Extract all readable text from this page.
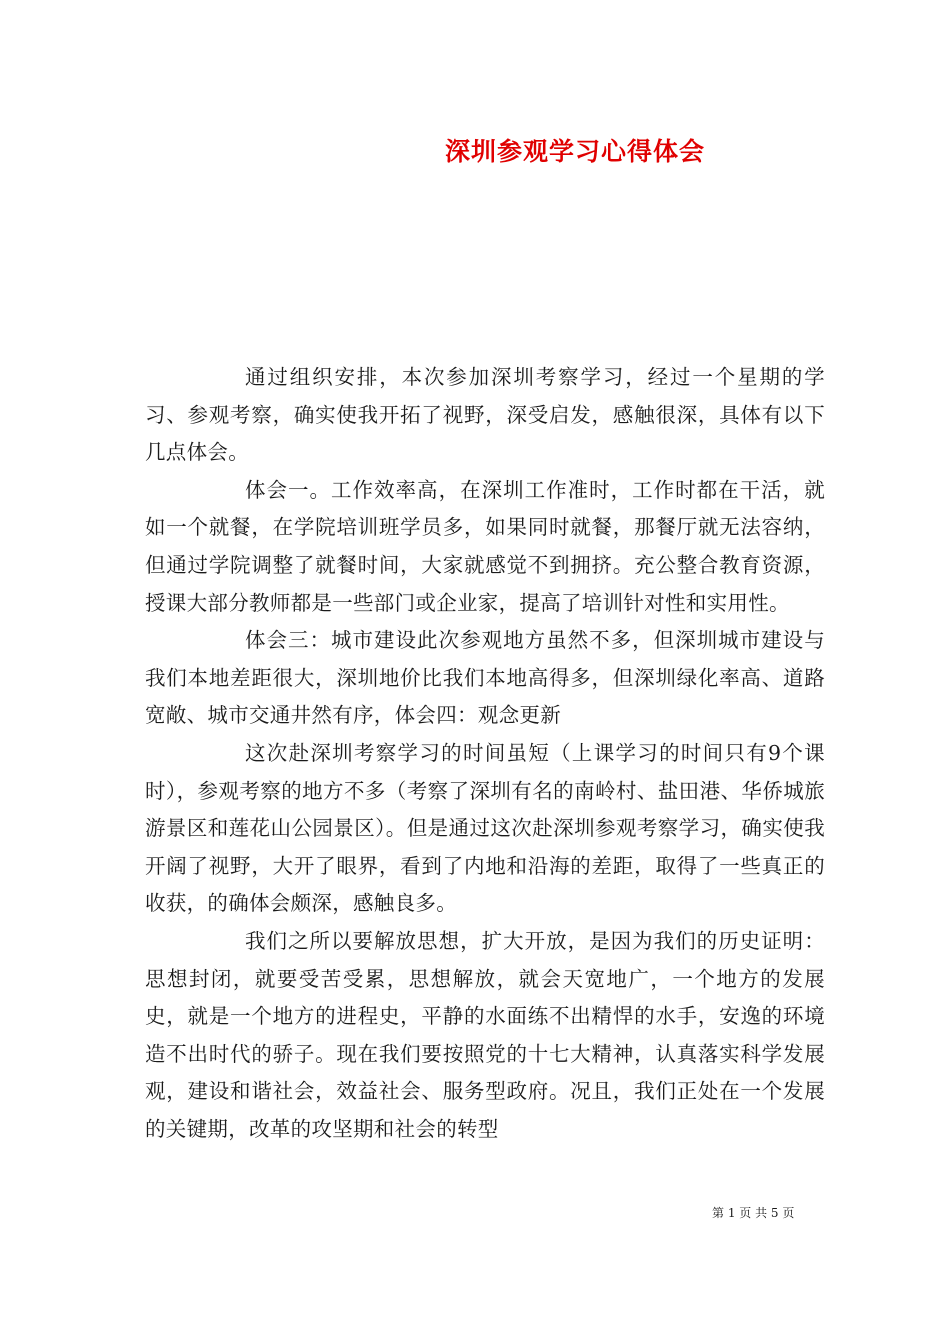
深圳参观学习心得体会

通过组织安排，本次参加深圳考察学习，经过一个星期的学习、参观考察，确实使我开拓了视野，深受启发，感触很深，具体有以下几点体会。

体会一。工作效率高，在深圳工作准时，工作时都在干活，就如一个就餐，在学院培训班学员多，如果同时就餐，那餐厅就无法容纳，但通过学院调整了就餐时间，大家就感觉不到拥挤。充公整合教育资源，授课大部分教师都是一些部门或企业家，提高了培训针对性和实用性。

体会三：城市建设此次参观地方虽然不多，但深圳城市建设与我们本地差距很大，深圳地价比我们本地高得多，但深圳绿化率高、道路宽敞、城市交通井然有序，体会四：观念更新

这次赴深圳考察学习的时间虽短（上课学习的时间只有9个课时），参观考察的地方不多（考察了深圳有名的南岭村、盐田港、华侨城旅游景区和莲花山公园景区）。但是通过这次赴深圳参观考察学习，确实使我开阔了视野，大开了眼界，看到了内地和沿海的差距，取得了一些真正的收获，的确体会颇深，感触良多。

我们之所以要解放思想，扩大开放，是因为我们的历史证明：思想封闭，就要受苦受累，思想解放，就会天宽地广，一个地方的发展史，就是一个地方的进程史，平静的水面练不出精悍的水手，安逸的环境造不出时代的骄子。现在我们要按照党的十七大精神，认真落实科学发展观，建设和谐社会，效益社会、服务型政府。况且，我们正处在一个发展的关键期，改革的攻坚期和社会的转型

第 1 页 共 5 页
